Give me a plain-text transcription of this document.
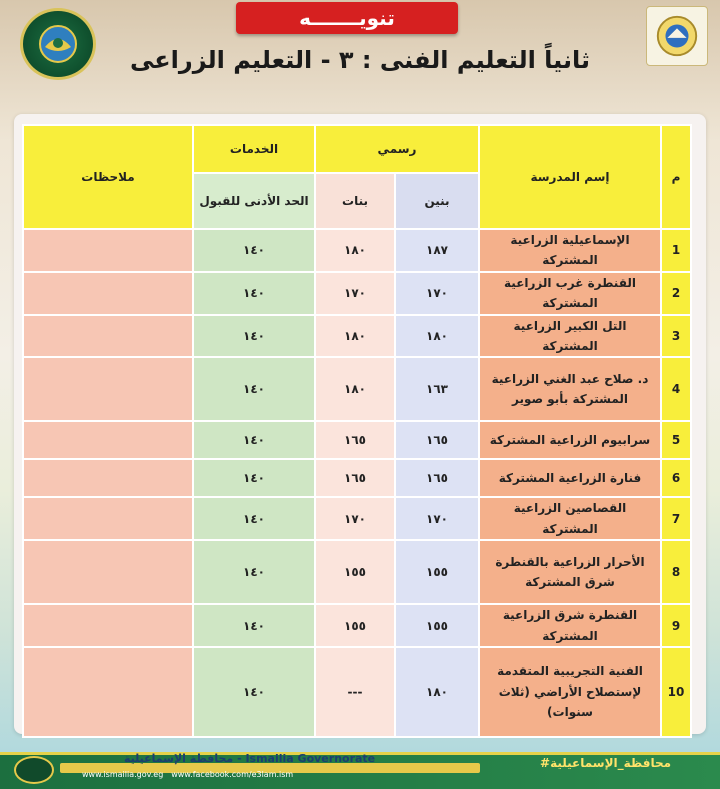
تنويـــــــه
ثانياً التعليم الفنى : ٣ - التعليم الزراعى
م	إسم المدرسة	رسمي		الخدمات	ملاحظات
		بنين	بنات	الحد الأدنى للقبول	
1	الإسماعيلية الزراعية المشتركة	١٨٧	١٨٠	١٤٠	
2	القنطرة غرب الزراعية المشتركة	١٧٠	١٧٠	١٤٠	
3	التل الكبير الزراعية المشتركة	١٨٠	١٨٠	١٤٠	
4	د. صلاح عبد الغني الزراعية المشتركة بأبو صوير	١٦٣	١٨٠	١٤٠	
5	سرابيوم الزراعية المشتركة	١٦٥	١٦٥	١٤٠	
6	فنارة الزراعية المشتركة	١٦٥	١٦٥	١٤٠	
7	القصاصين الزراعية المشتركة	١٧٠	١٧٠	١٤٠	
8	الأحرار الزراعية بالقنطرة شرق المشتركة	١٥٥	١٥٥	١٤٠	
9	القنطرة شرق الزراعية المشتركة	١٥٥	١٥٥	١٤٠	
10	الفنية التجريبية المتقدمة لإستصلاح الأراضي (ثلاث سنوات)	١٨٠	---	١٤٠	
محافظة الإسماعيلية - Ismailia Governorate
www.ismailia.gov.eg www.facebook.com/e3lam.ism
#محافظة_الإسماعيلية
